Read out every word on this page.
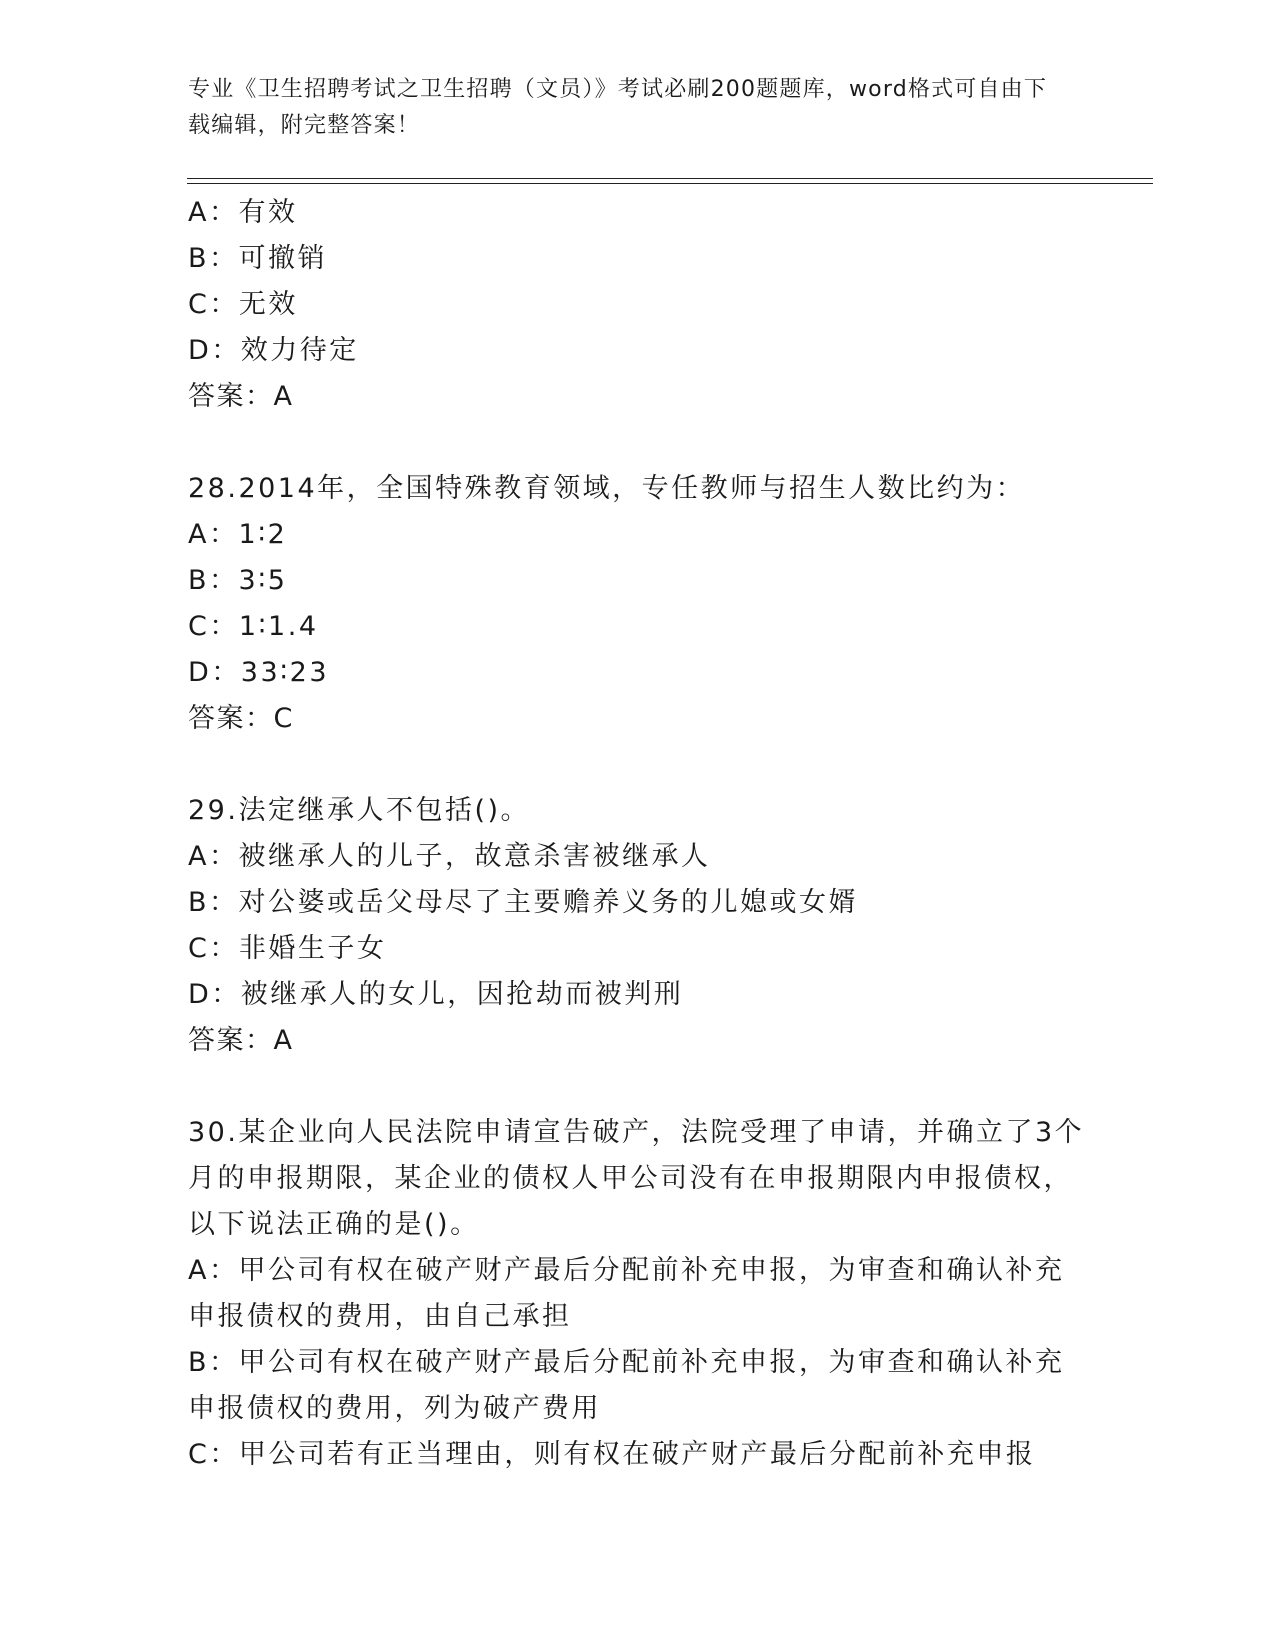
专业《卫生招聘考试之卫生招聘（文员）》考试必刷200题题库，word格式可自由下载编辑，附完整答案！
A：有效
B：可撤销
C：无效
D：效力待定
答案：A
28.2014年，全国特殊教育领域，专任教师与招生人数比约为：
A：1∶2
B：3∶5
C：1∶1.4
D：33∶23
答案：C
29.法定继承人不包括()。
A：被继承人的儿子，故意杀害被继承人
B：对公婆或岳父母尽了主要赡养义务的儿媳或女婿
C：非婚生子女
D：被继承人的女儿，因抢劫而被判刑
答案：A
30.某企业向人民法院申请宣告破产，法院受理了申请，并确立了3个月的申报期限，某企业的债权人甲公司没有在申报期限内申报债权，以下说法正确的是()。
A：甲公司有权在破产财产最后分配前补充申报，为审查和确认补充申报债权的费用，由自己承担
B：甲公司有权在破产财产最后分配前补充申报，为审查和确认补充申报债权的费用，列为破产费用
C：甲公司若有正当理由，则有权在破产财产最后分配前补充申报
